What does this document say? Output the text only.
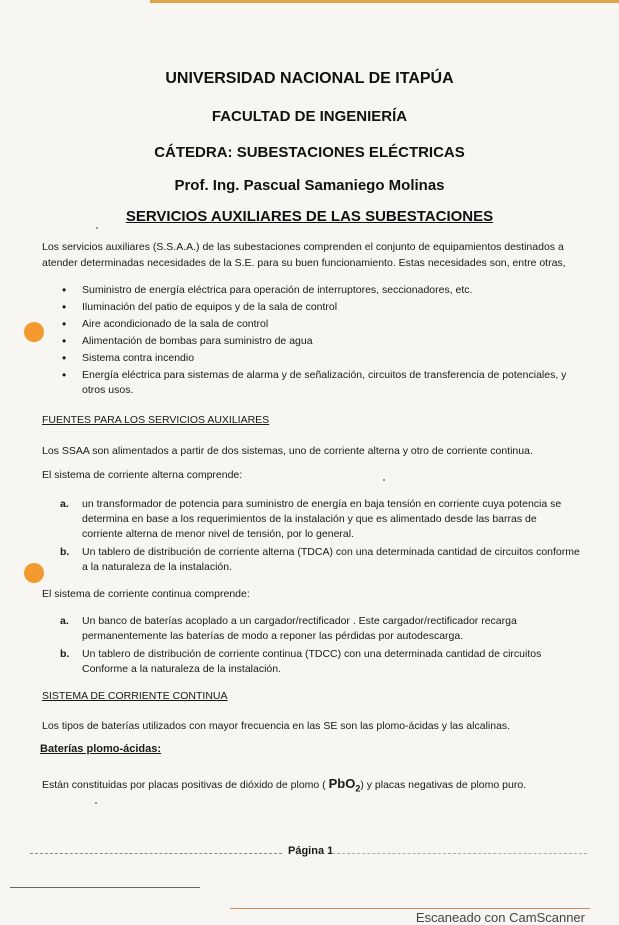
UNIVERSIDAD NACIONAL DE ITAPÚA
FACULTAD DE INGENIERÍA
CÁTEDRA: SUBESTACIONES ELÉCTRICAS
Prof. Ing. Pascual Samaniego Molinas
SERVICIOS AUXILIARES DE LAS SUBESTACIONES
Los servicios auxiliares (S.S.A.A.) de las subestaciones comprenden el conjunto de equipamientos destinados a atender determinadas necesidades de la S.E. para su buen funcionamiento. Estas necesidades son, entre otras,
• Suministro de energía eléctrica para operación de interruptores, seccionadores, etc.
• Iluminación del patio de equipos y de la sala de control
• Aire acondicionado de la sala de control
• Alimentación de bombas para suministro de agua
• Sistema contra incendio
• Energía eléctrica para sistemas de alarma y de señalización, circuitos de transferencia de potenciales, y otros usos.
FUENTES PARA LOS SERVICIOS AUXILIARES
Los SSAA son alimentados a partir de dos sistemas, uno de corriente alterna y otro de corriente continua.
El sistema de corriente alterna comprende:
a. un transformador de potencia para suministro de energía en baja tensión en corriente cuya potencia se determina en base a los requerimientos de la instalación y que es alimentado desde las barras de corriente alterna de menor nivel de tensión, por lo general.
b. Un tablero de distribución de corriente alterna (TDCA) con una determinada cantidad de circuitos conforme a la naturaleza de la instalación.
El sistema de corriente continua comprende:
a. Un banco de baterías acoplado a un cargador/rectificador . Este cargador/rectificador recarga permanentemente las baterías de modo a reponer las pérdidas por autodescarga.
b. Un tablero de distribución de corriente continua (TDCC) con una determinada cantidad de circuitos Conforme a la naturaleza de la instalación.
SISTEMA DE CORRIENTE CONTINUA
Los tipos de baterías utilizados con mayor frecuencia en las SE son las plomo-ácidas y las alcalinas.
Baterías plomo-ácidas:
Están constituidas por placas positivas de dióxido de plomo ( PbO$_2$) y placas negativas de plomo puro.
Página 1
Escaneado con CamScanner
